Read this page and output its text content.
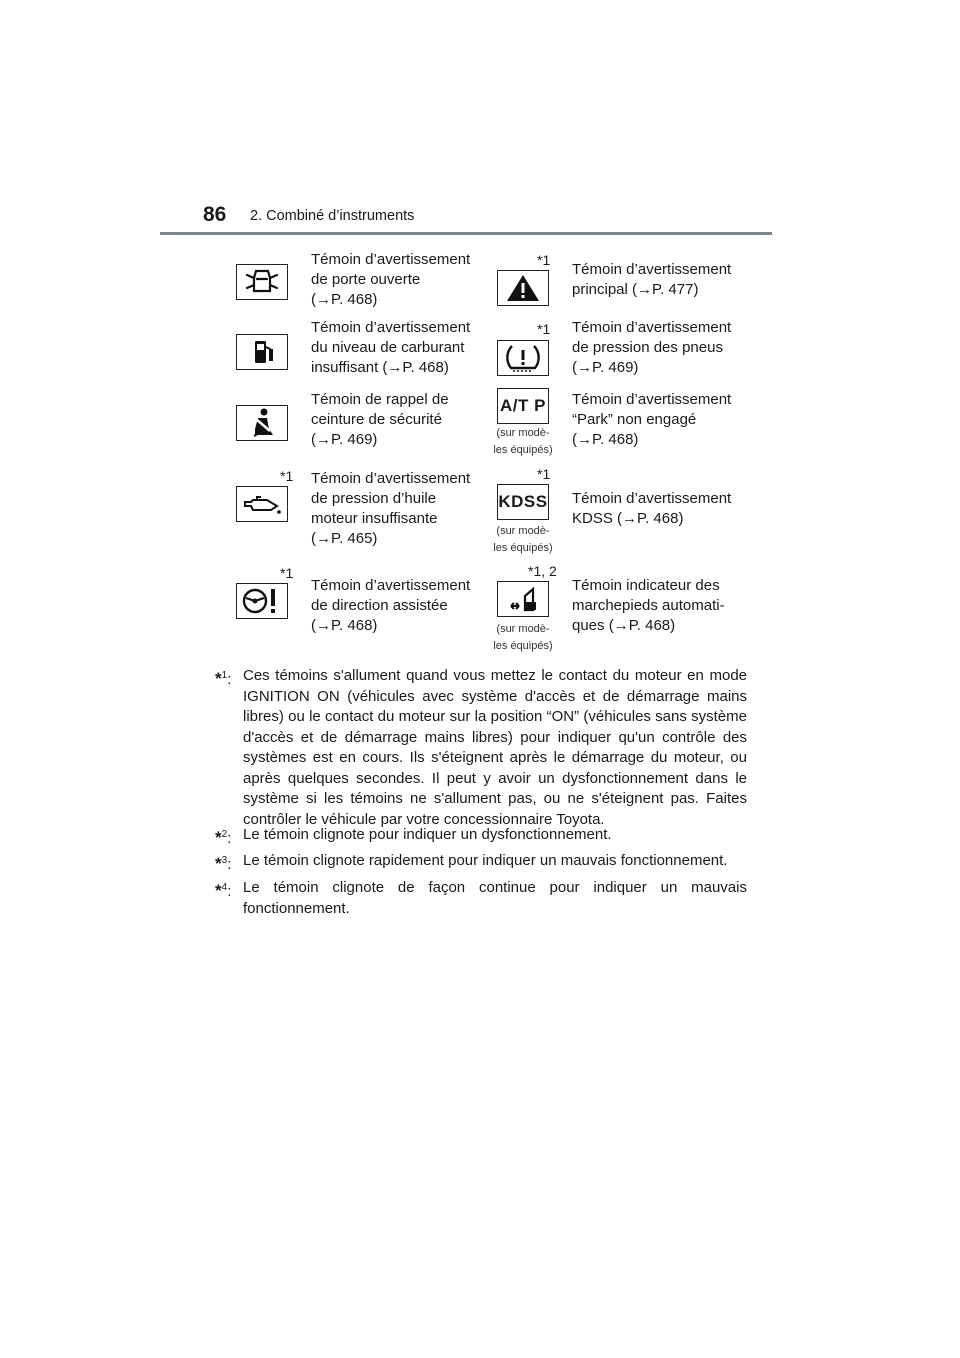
86 2. Combiné d’instruments
Témoin d’avertissement
de porte ouverte
(→P. 468)
*1
Témoin d’avertissement
principal (→P. 477)
Témoin d’avertissement
du niveau de carburant
insuffisant (→P. 468)
*1 Témoin d’avertissement
de pression des pneus
(→P. 469)
Témoin de rappel de
ceinture de sécurité
(→P. 469)
A/T P
(sur modè-
les équipés)
Témoin d’avertissement
“Park” non engagé
(→P. 468)
*1 Témoin d’avertissement
de pression d’huile
moteur insuffisante
(→P. 465)
*1
KDSS
(sur modè-
les équipés)
Témoin d’avertissement
KDSS (→P. 468)
*1
Témoin d’avertissement
de direction assistée
(→P. 468)
*1, 2
(sur modè-
les équipés)
Témoin indicateur des
marchepieds automati-
ques (→P. 468)
*$^1$: Ces témoins s'allument quand vous mettez le contact du moteur en mode IGNITION ON (véhicules avec système d'accès et de démarrage mains libres) ou le contact du moteur sur la position “ON” (véhicules sans système d'accès et de démarrage mains libres) pour indiquer qu'un contrôle des systèmes est en cours. Ils s'éteignent après le démarrage du moteur, ou après quelques secondes. Il peut y avoir un dysfonctionnement dans le système si les témoins ne s'allument pas, ou ne s'éteignent pas. Faites contrôler le véhicule par votre concessionnaire Toyota.
*$^2$: Le témoin clignote pour indiquer un dysfonctionnement.
*$^3$: Le témoin clignote rapidement pour indiquer un mauvais fonctionnement.
*$^4$: Le témoin clignote de façon continue pour indiquer un mauvais fonctionnement.
